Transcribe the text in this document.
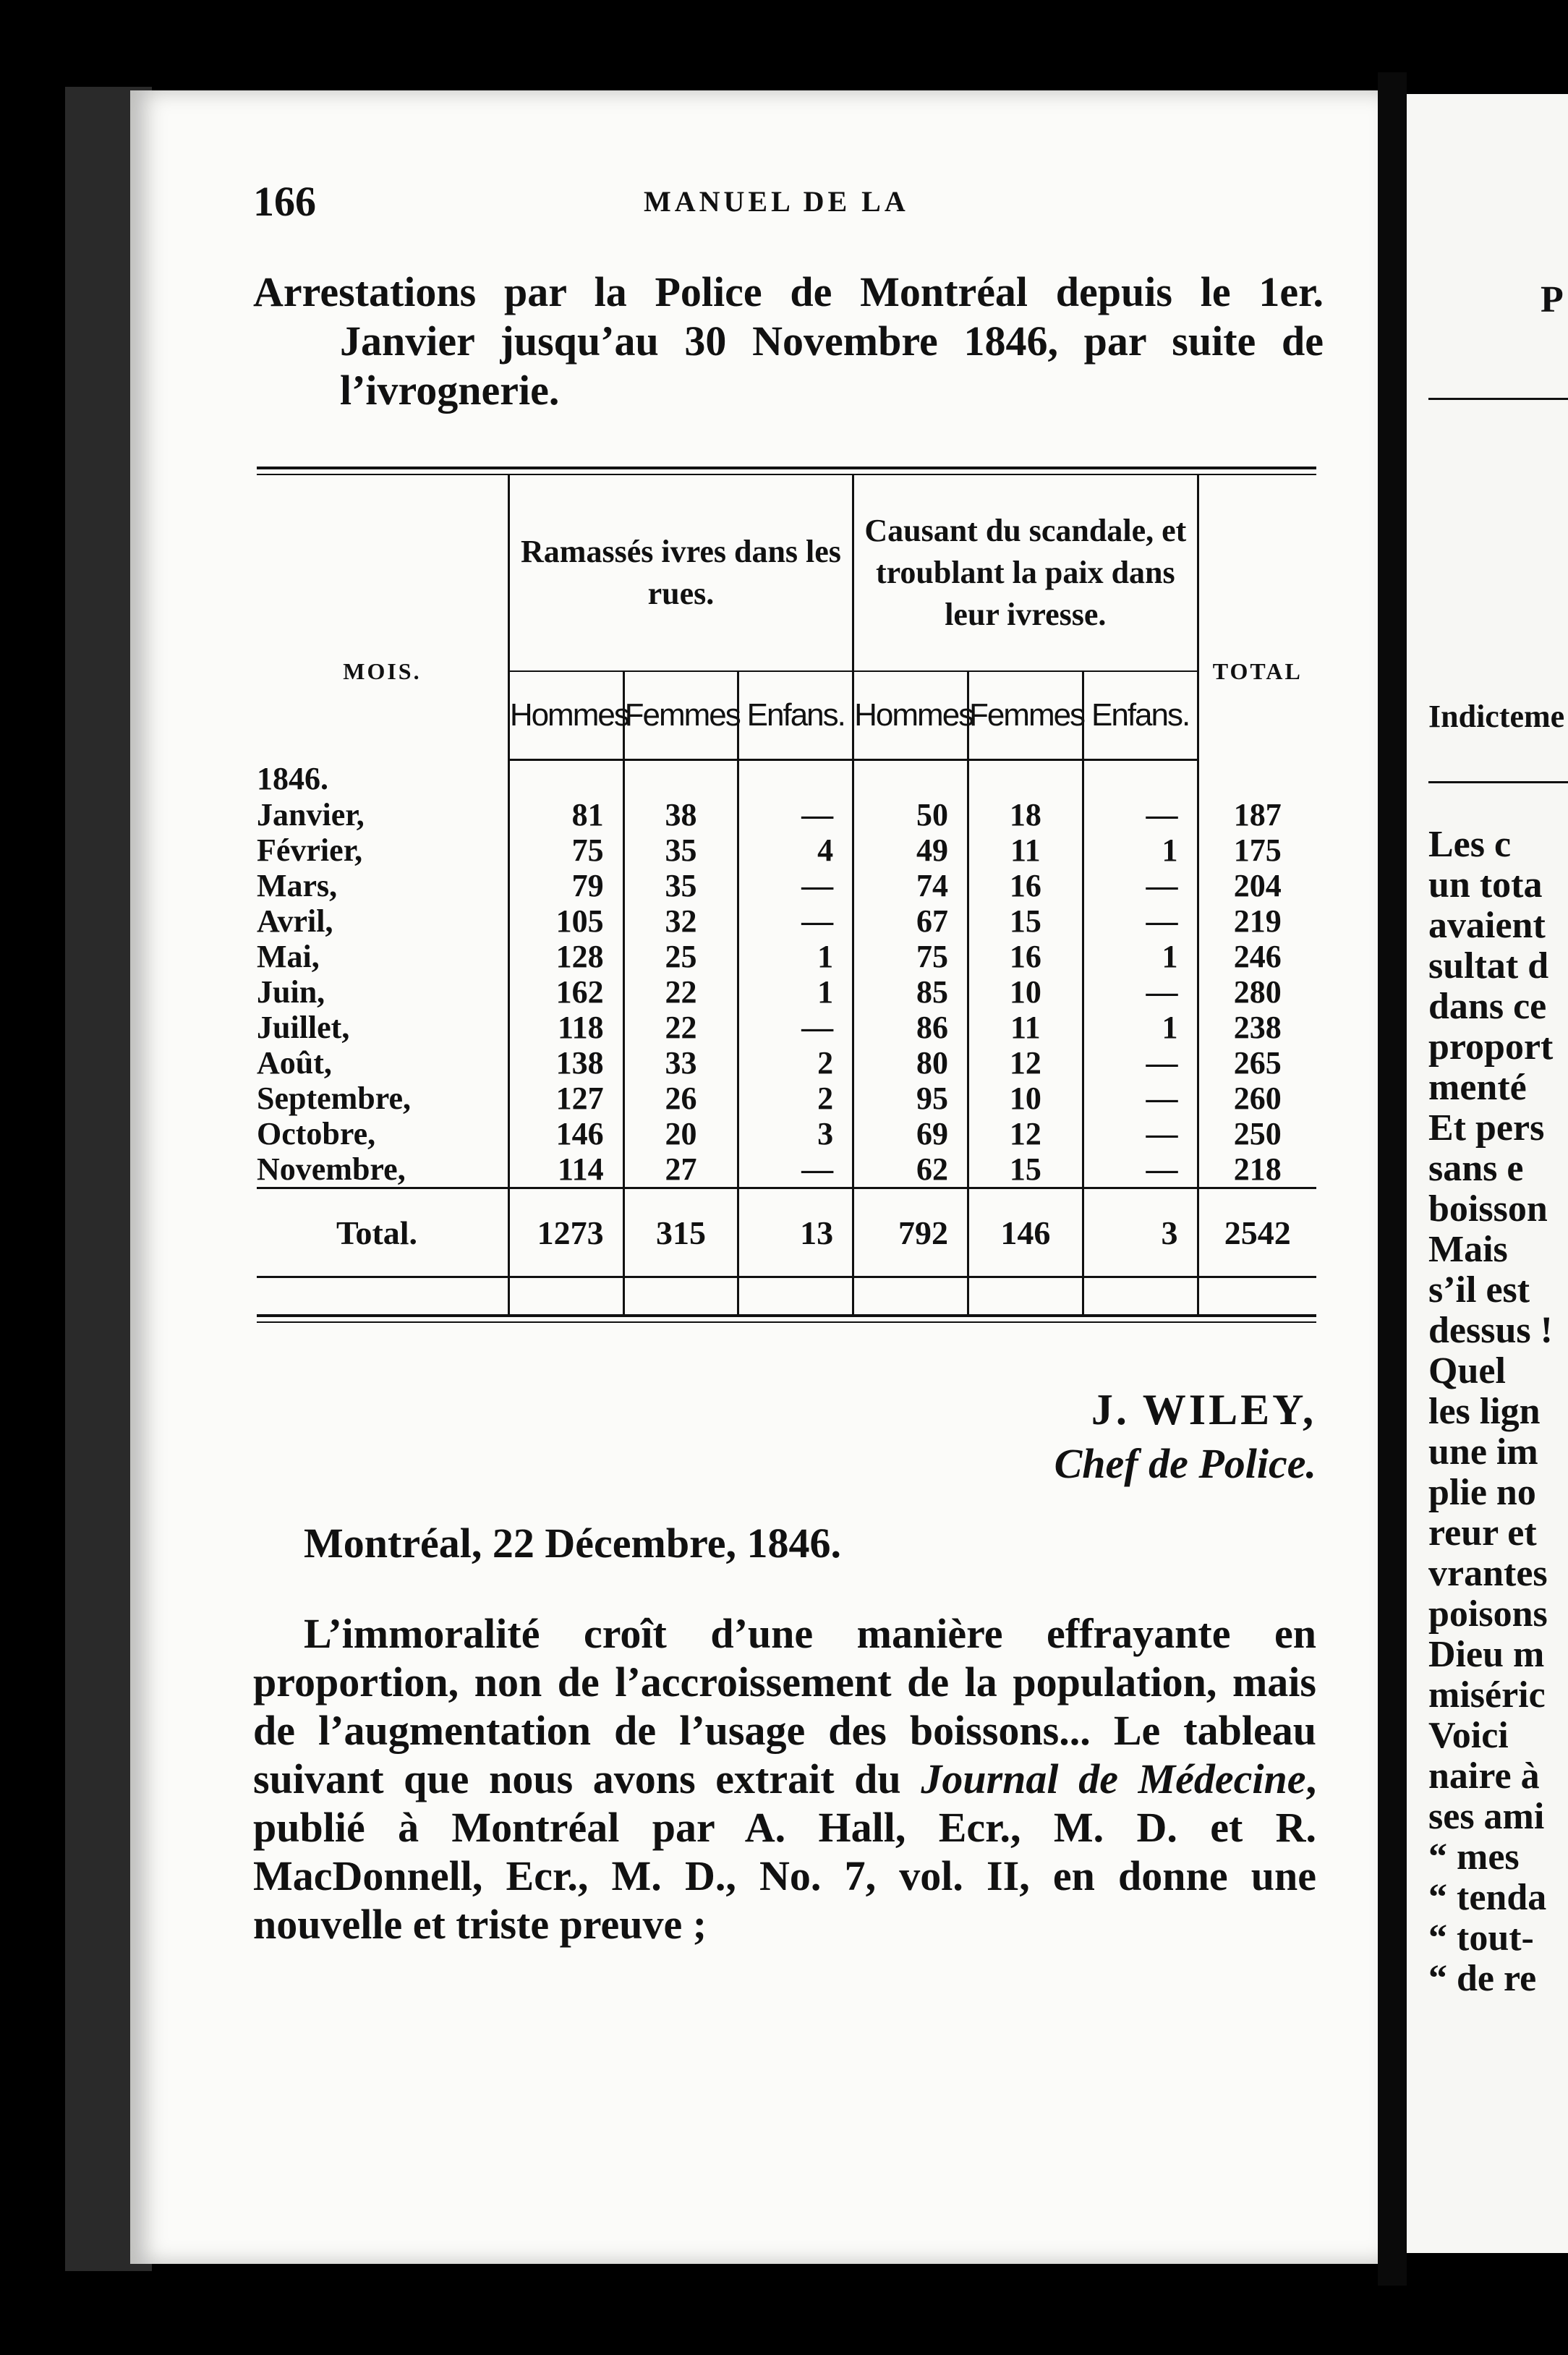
166	MANUEL DE LA

Arrestations par la Police de Montréal depuis le 1er. Janvier jusqu’au 30 Novembre 1846, par suite de l’ivrognerie.

MOIS.	Ramassés ivres dans les rues.			Causant du scandale, et troublant la paix dans leur ivresse.			TOTAL
	Hommes	Femmes	Enfans.	Hommes	Femmes	Enfans.	
1846.							
Janvier,	81	38	—	50	18	—	187
Février,	75	35	4	49	11	1	175
Mars,	79	35	—	74	16	—	204
Avril,	105	32	—	67	15	—	219
Mai,	128	25	1	75	16	1	246
Juin,	162	22	1	85	10	—	280
Juillet,	118	22	—	86	11	1	238
Août,	138	33	2	80	12	—	265
Septembre,	127	26	2	95	10	—	260
Octobre,	146	20	3	69	12	—	250
Novembre,	114	27	—	62	15	—	218
Total.	1273	315	13	792	146	3	2542

J. WILEY,
Chef de Police.
Montréal, 22 Décembre, 1846.

L’immoralité croît d’une manière effrayante en proportion, non de l’accroissement de la population, mais de l’augmentation de l’usage des boissons... Le tableau suivant que nous avons extrait du Journal de Médecine, publié à Montréal par A. Hall, Ecr., M. D. et R. MacDonnell, Ecr., M. D., No. 7, vol. II, en donne une nouvelle et triste preuve ;

P
Indicteme
Les c
un tota
avaient
sultat d
dans ce
proport
menté
Et pers
sans e
boisson
Mais
s’il est
dessus !
Quel
les lign
une im
plie no
reur et
vrantes
poisons
Dieu m
miséric
Voici
naire à
ses ami
“ mes
“ tenda
“ tout-
“ de re
